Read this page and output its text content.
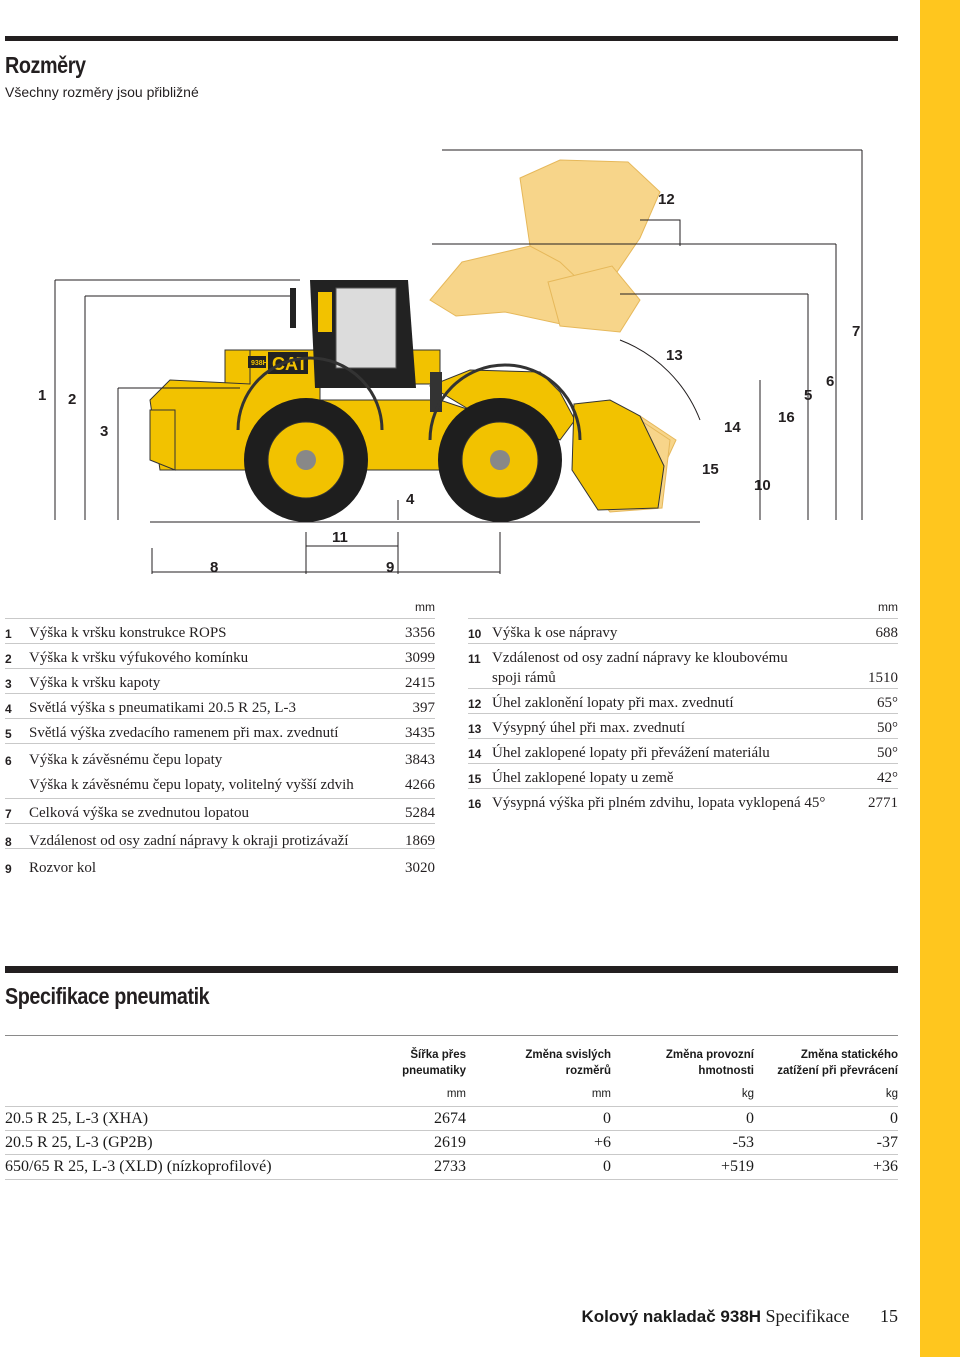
Rozměry
Všechny rozměry jsou přibližné
938H CAT
1 2
3
4
5
6
7
8	9
10
11
12
13
14
15
16
mm
1 Výška k vršku konstrukce ROPS	3356
2 Výška k vršku výfukového komínku	3099
3 Výška k vršku kapoty	2415
4 Světlá výška s pneumatikami 20.5 R 25, L-3	397
5 Světlá výška zvedacího ramenem při max. zvednutí	3435
6 Výška k závěsnému čepu lopaty	3843
Výška k závěsnému čepu lopaty, volitelný vyšší zdvih	4266
7 Celková výška se zvednutou lopatou	5284
8 Vzdálenost od osy zadní nápravy k okraji protizávaží	1869
9 Rozvor kol	3020
mm
10 Výška k ose nápravy	688
11 Vzdálenost od osy zadní nápravy ke kloubovému
spoji rámů	1510
12 Úhel zaklonění lopaty při max. zvednutí	65°
13 Výsypný úhel při max. zvednutí	50°
14 Úhel zaklopené lopaty při převážení materiálu	50°
15 Úhel zaklopené lopaty u země	42°
16 Výsypná výška při plném zdvihu, lopata vyklopená 45°	2771
Specifikace pneumatik
Šířka přes
pneumatiky
Změna svislých
rozměrů
Změna provozní
hmotnosti
Změna statického
zatížení při převrácení
mm	mm	kg	kg
20.5 R 25, L-3 (XHA)	2674	0	0	0
20.5 R 25, L-3 (GP2B)	2619	+6	-53	-37
650/65 R 25, L-3 (XLD) (nízkoprofilové)	2733	0	+519	+36
Kolový nakladač 938H Specifikace 15
